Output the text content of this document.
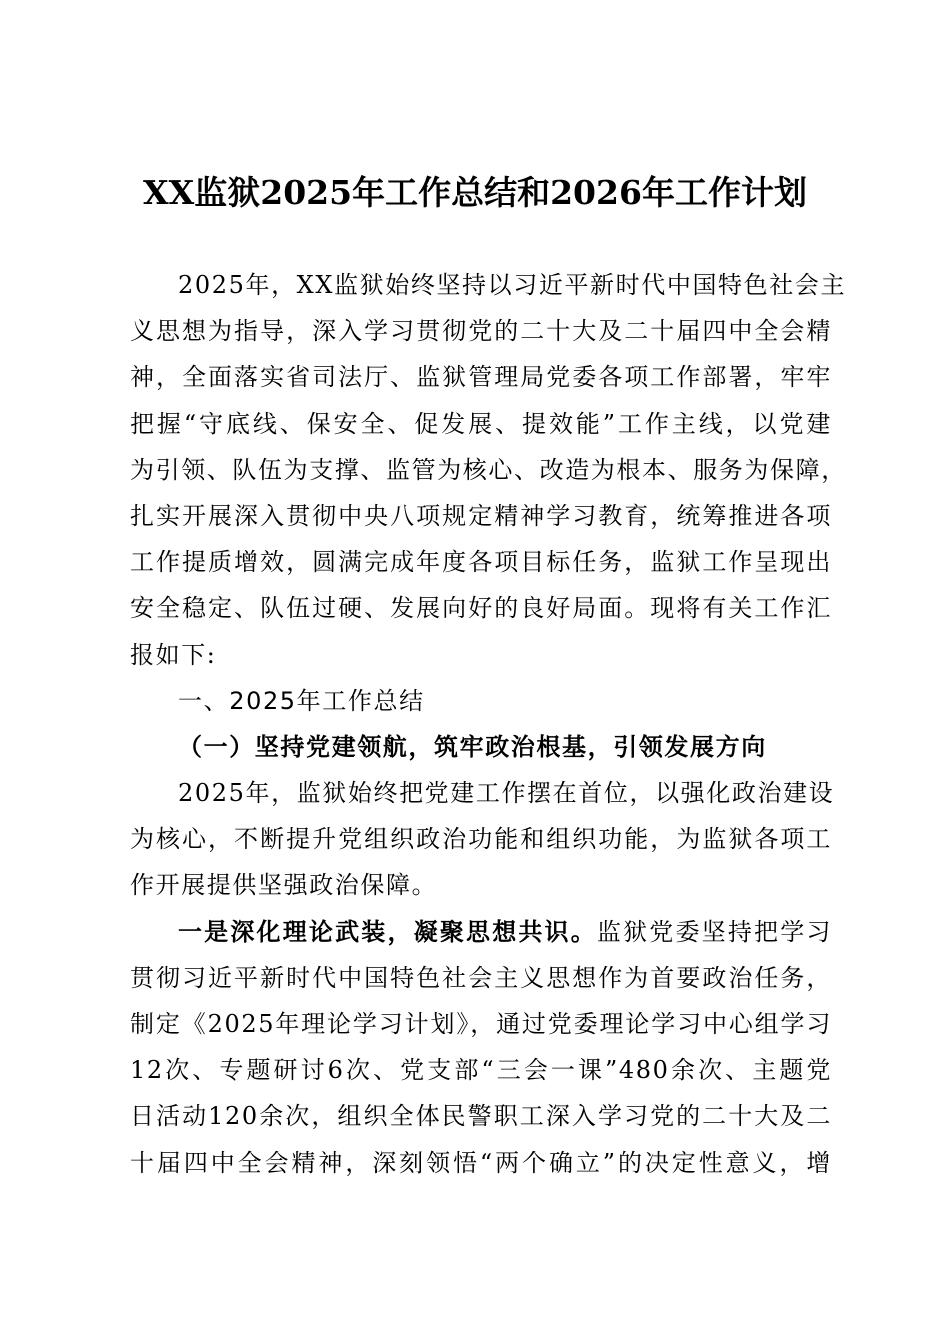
XX监狱2025年工作总结和2026年工作计划
2025年，XX监狱始终坚持以习近平新时代中国特色社会主
义思想为指导，深入学习贯彻党的二十大及二十届四中全会精
神，全面落实省司法厅、监狱管理局党委各项工作部署，牢牢
把握“守底线、保安全、促发展、提效能”工作主线，以党建
为引领、队伍为支撑、监管为核心、改造为根本、服务为保障，
扎实开展深入贯彻中央八项规定精神学习教育，统筹推进各项
工作提质增效，圆满完成年度各项目标任务，监狱工作呈现出
安全稳定、队伍过硬、发展向好的良好局面。现将有关工作汇
报如下:
一、2025年工作总结
（一）坚持党建领航，筑牢政治根基，引领发展方向
2025年，监狱始终把党建工作摆在首位，以强化政治建设
为核心，不断提升党组织政治功能和组织功能，为监狱各项工
作开展提供坚强政治保障。
一是深化理论武装，凝聚思想共识。监狱党委坚持把学习
贯彻习近平新时代中国特色社会主义思想作为首要政治任务，
制定《2025年理论学习计划》，通过党委理论学习中心组学习
12次、专题研讨6次、党支部“三会一课”480余次、主题党
日活动120余次，组织全体民警职工深入学习党的二十大及二
十届四中全会精神，深刻领悟“两个确立”的决定性意义，增
